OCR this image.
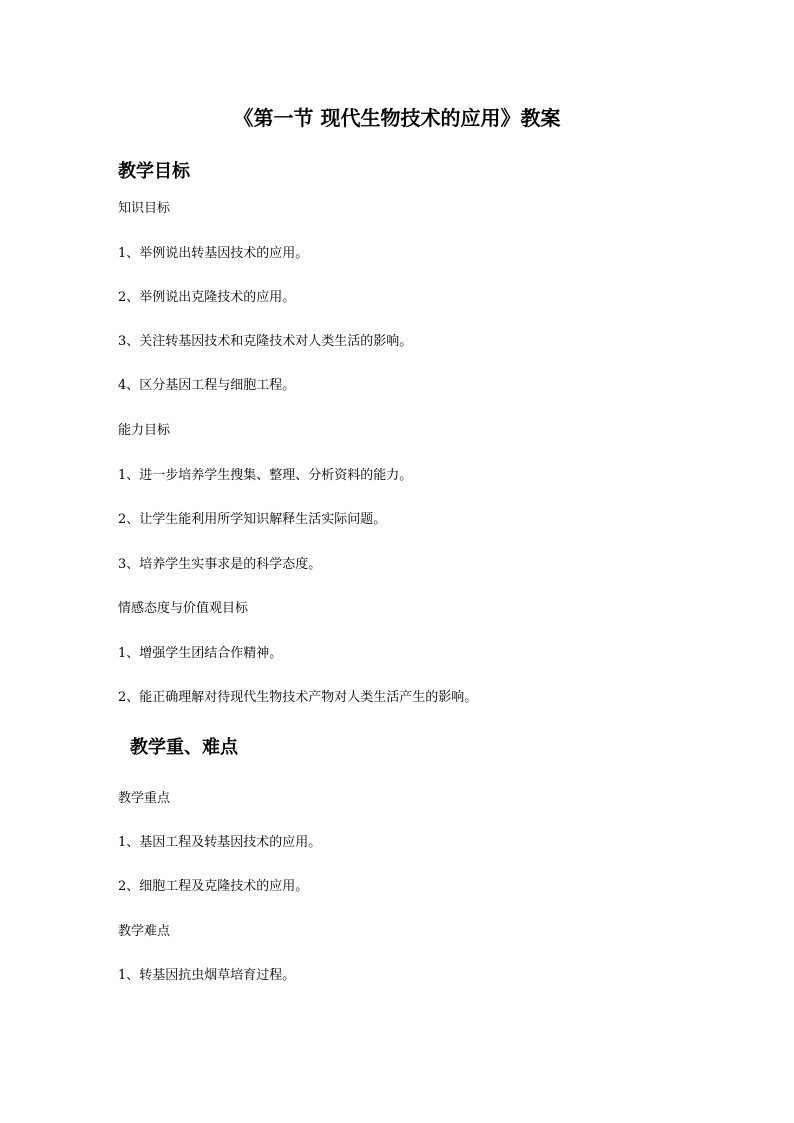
《第一节 现代生物技术的应用》教案
教学目标
知识目标
1、举例说出转基因技术的应用。
2、举例说出克隆技术的应用。
3、关注转基因技术和克隆技术对人类生活的影响。
4、区分基因工程与细胞工程。
能力目标
1、进一步培养学生搜集、整理、分析资料的能力。
2、让学生能利用所学知识解释生活实际问题。
3、培养学生实事求是的科学态度。
情感态度与价值观目标
1、增强学生团结合作精神。
2、能正确理解对待现代生物技术产物对人类生活产生的影响。
教学重、难点
教学重点
1、基因工程及转基因技术的应用。
2、细胞工程及克隆技术的应用。
教学难点
1、转基因抗虫烟草培育过程。
